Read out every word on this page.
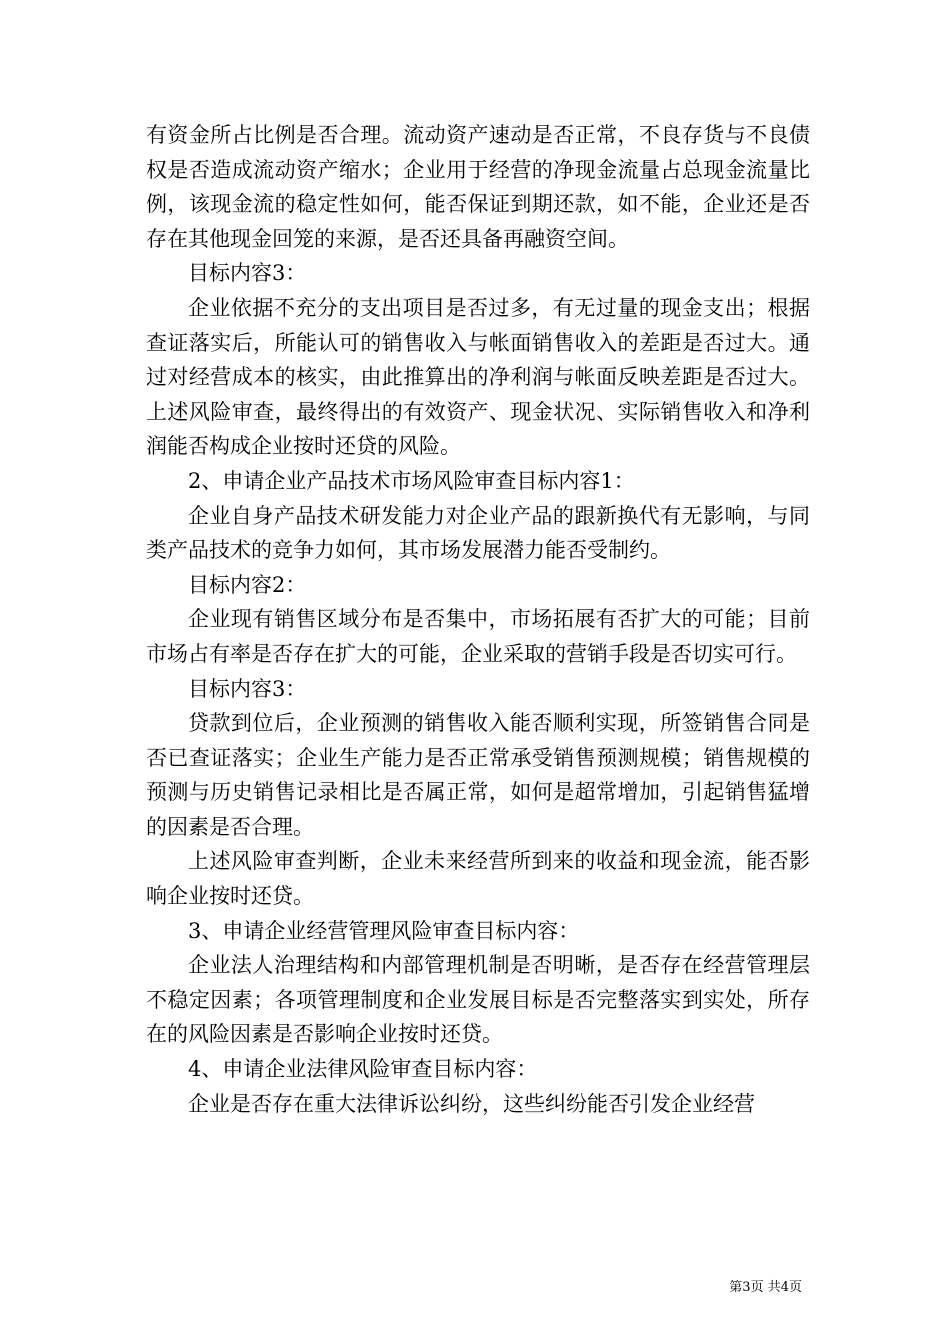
有资金所占比例是否合理。流动资产速动是否正常，不良存货与不良债权是否造成流动资产缩水；企业用于经营的净现金流量占总现金流量比例，该现金流的稳定性如何，能否保证到期还款，如不能，企业还是否存在其他现金回笼的来源，是否还具备再融资空间。

目标内容3：

企业依据不充分的支出项目是否过多，有无过量的现金支出；根据查证落实后，所能认可的销售收入与帐面销售收入的差距是否过大。通过对经营成本的核实，由此推算出的净利润与帐面反映差距是否过大。上述风险审查，最终得出的有效资产、现金状况、实际销售收入和净利润能否构成企业按时还贷的风险。

2、申请企业产品技术市场风险审查目标内容1：

企业自身产品技术研发能力对企业产品的跟新换代有无影响，与同类产品技术的竞争力如何，其市场发展潜力能否受制约。

目标内容2：

企业现有销售区域分布是否集中，市场拓展有否扩大的可能；目前市场占有率是否存在扩大的可能，企业采取的营销手段是否切实可行。

目标内容3：

贷款到位后，企业预测的销售收入能否顺利实现，所签销售合同是否已查证落实；企业生产能力是否正常承受销售预测规模；销售规模的预测与历史销售记录相比是否属正常，如何是超常增加，引起销售猛增的因素是否合理。

上述风险审查判断，企业未来经营所到来的收益和现金流，能否影响企业按时还贷。

3、申请企业经营管理风险审查目标内容：

企业法人治理结构和内部管理机制是否明晰，是否存在经营管理层不稳定因素；各项管理制度和企业发展目标是否完整落实到实处，所存在的风险因素是否影响企业按时还贷。

4、申请企业法律风险审查目标内容：

企业是否存在重大法律诉讼纠纷，这些纠纷能否引发企业经营

第3页 共4页
